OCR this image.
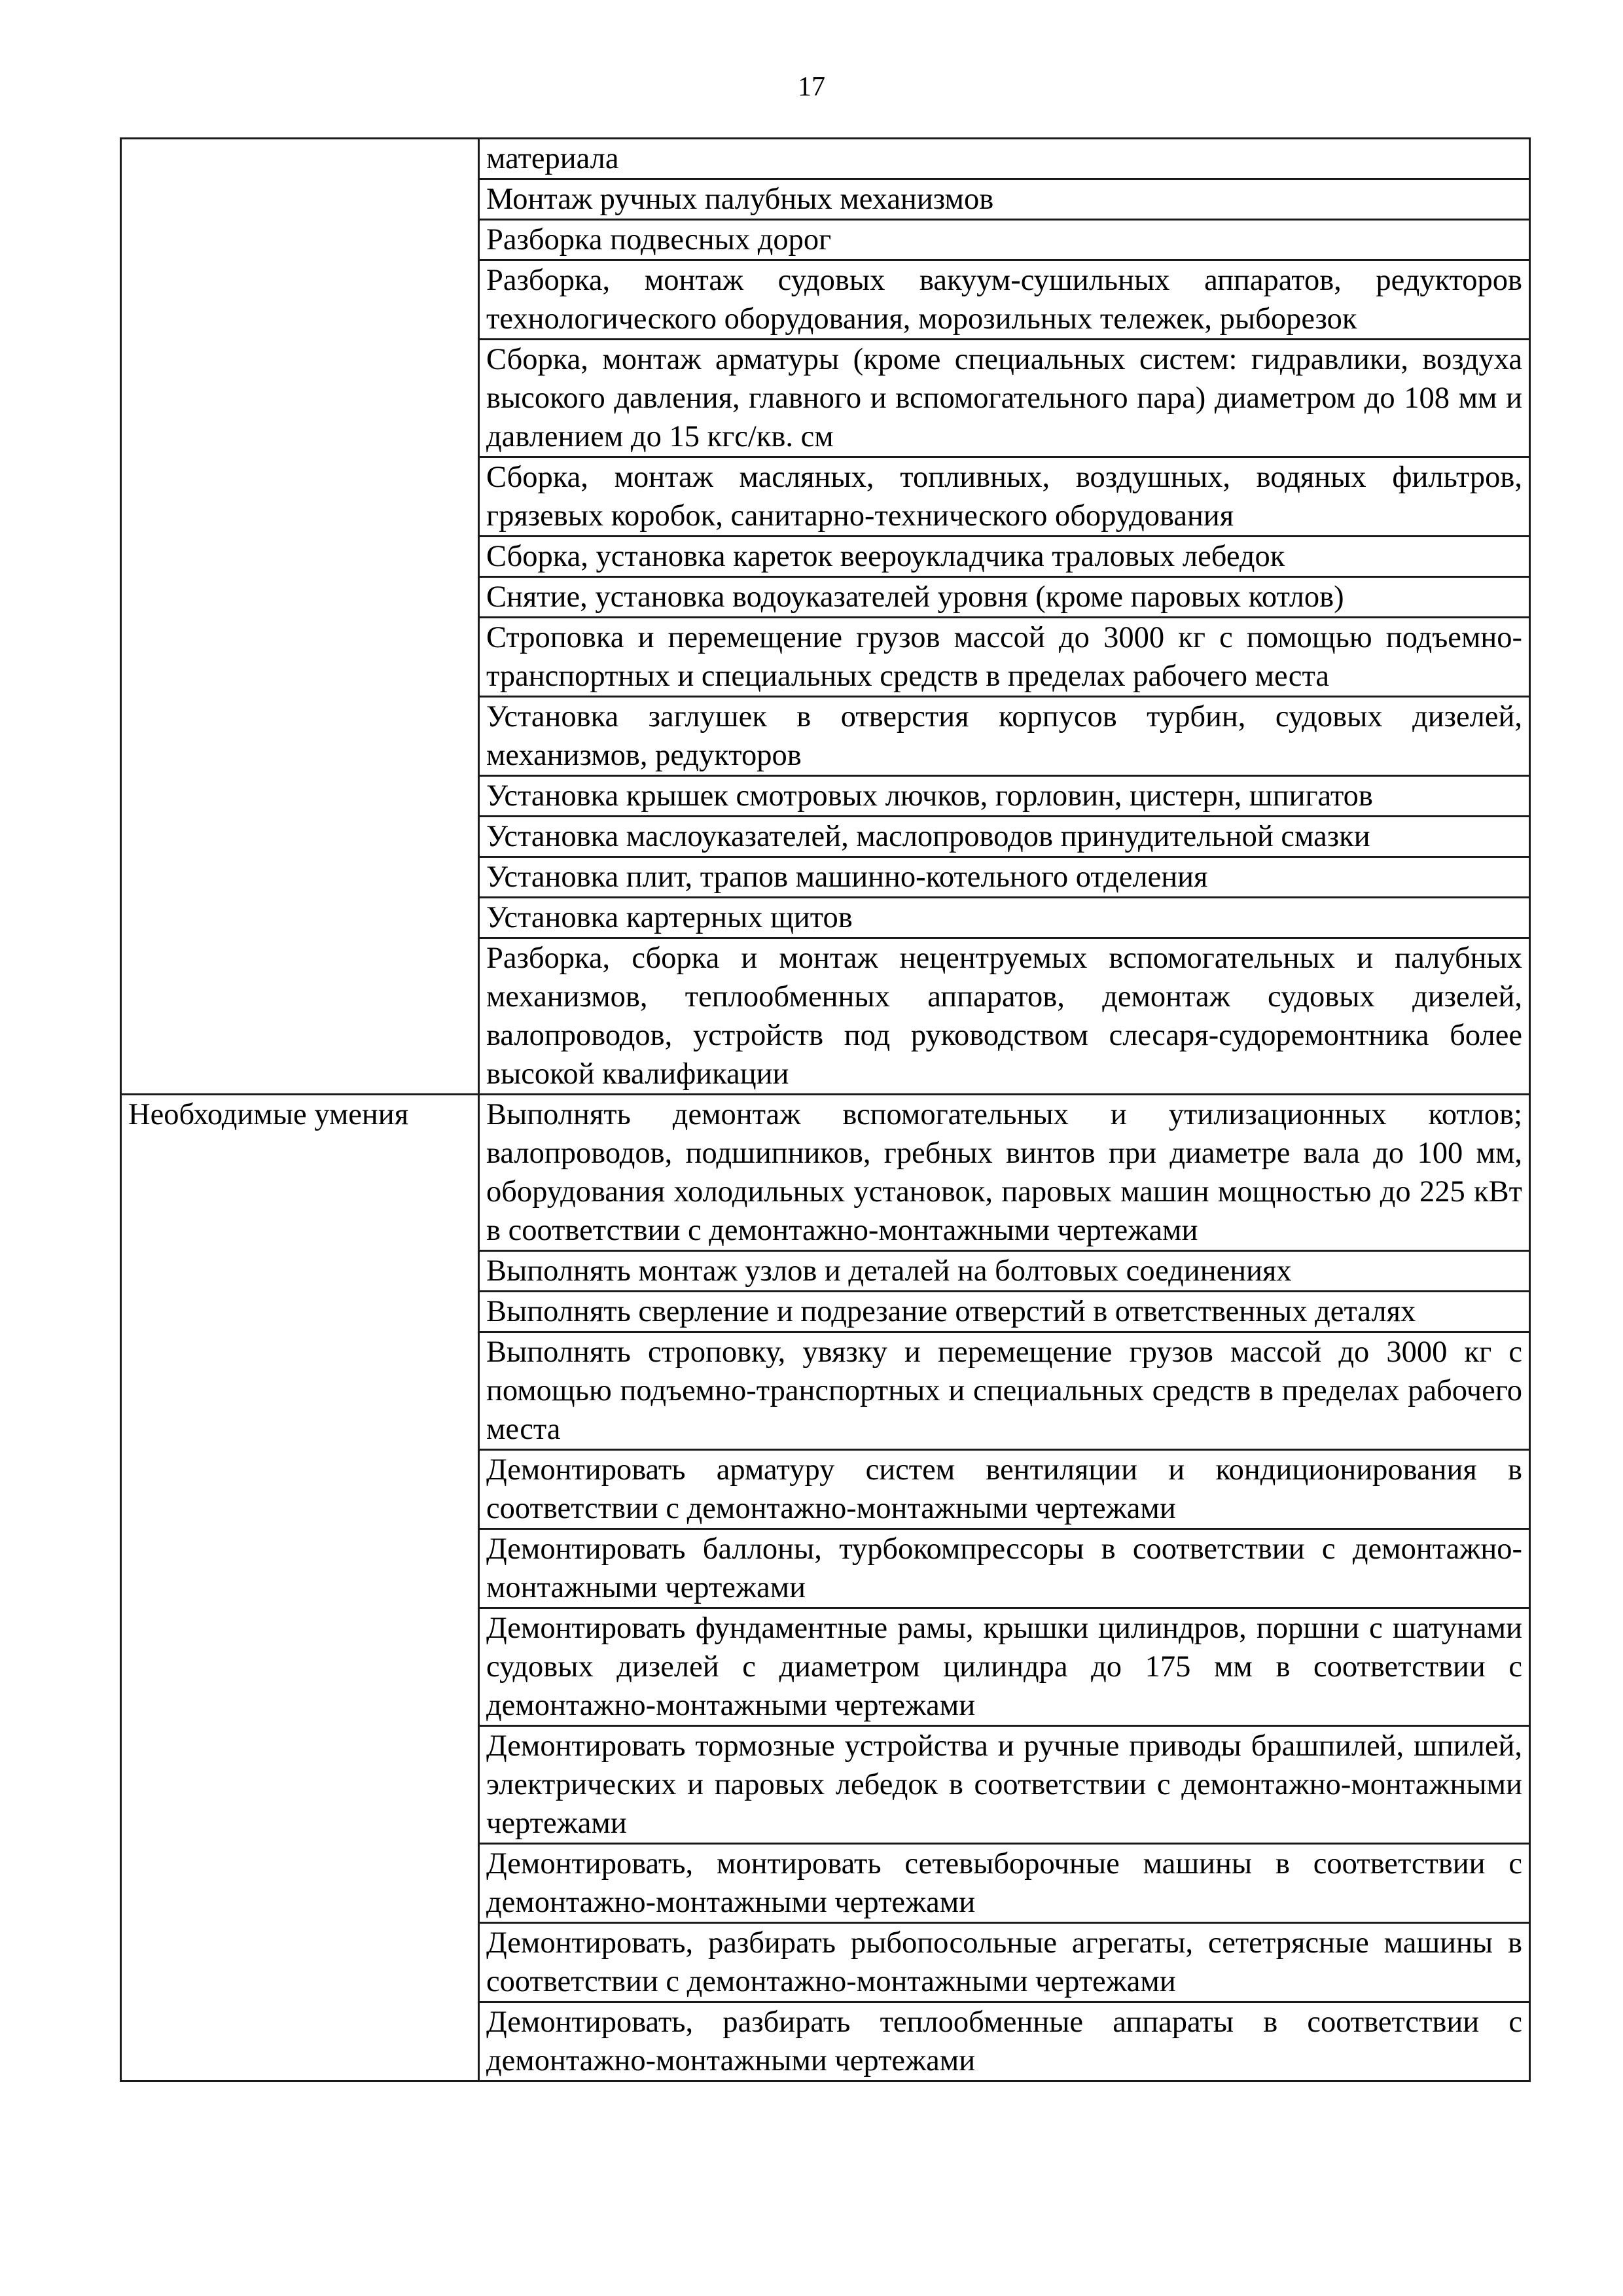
17
	материала
	Монтаж ручных палубных механизмов
	Разборка подвесных дорог
	Разборка, монтаж судовых вакуум-сушильных аппаратов, редукторов технологического оборудования, морозильных тележек, рыборезок
	Сборка, монтаж арматуры (кроме специальных систем: гидравлики, воздуха высокого давления, главного и вспомогательного пара) диаметром до 108 мм и давлением до 15 кгс/кв. см
	Сборка, монтаж масляных, топливных, воздушных, водяных фильтров, грязевых коробок, санитарно-технического оборудования
	Сборка, установка кареток веероукладчика траловых лебедок
	Снятие, установка водоуказателей уровня (кроме паровых котлов)
	Строповка и перемещение грузов массой до 3000 кг с помощью подъемно-транспортных и специальных средств в пределах рабочего места
	Установка заглушек в отверстия корпусов турбин, судовых дизелей, механизмов, редукторов
	Установка крышек смотровых лючков, горловин, цистерн, шпигатов
	Установка маслоуказателей, маслопроводов принудительной смазки
	Установка плит, трапов машинно-котельного отделения
	Установка картерных щитов
	Разборка, сборка и монтаж нецентруемых вспомогательных и палубных механизмов, теплообменных аппаратов, демонтаж судовых дизелей, валопроводов, устройств под руководством слесаря-судоремонтника более высокой квалификации
Необходимые умения	Выполнять демонтаж вспомогательных и утилизационных котлов; валопроводов, подшипников, гребных винтов при диаметре вала до 100 мм, оборудования холодильных установок, паровых машин мощностью до 225 кВт в соответствии с демонтажно-монтажными чертежами
	Выполнять монтаж узлов и деталей на болтовых соединениях
	Выполнять сверление и подрезание отверстий в ответственных деталях
	Выполнять строповку, увязку и перемещение грузов массой до 3000 кг с помощью подъемно-транспортных и специальных средств в пределах рабочего места
	Демонтировать арматуру систем вентиляции и кондиционирования в соответствии с демонтажно-монтажными чертежами
	Демонтировать баллоны, турбокомпрессоры в соответствии с демонтажно-монтажными чертежами
	Демонтировать фундаментные рамы, крышки цилиндров, поршни с шатунами судовых дизелей с диаметром цилиндра до 175 мм в соответствии с демонтажно-монтажными чертежами
	Демонтировать тормозные устройства и ручные приводы брашпилей, шпилей, электрических и паровых лебедок в соответствии с демонтажно-монтажными чертежами
	Демонтировать, монтировать сетевыборочные машины в соответствии с демонтажно-монтажными чертежами
	Демонтировать, разбирать рыбопосольные агрегаты, сететрясные машины в соответствии с демонтажно-монтажными чертежами
	Демонтировать, разбирать теплообменные аппараты в соответствии с демонтажно-монтажными чертежами
